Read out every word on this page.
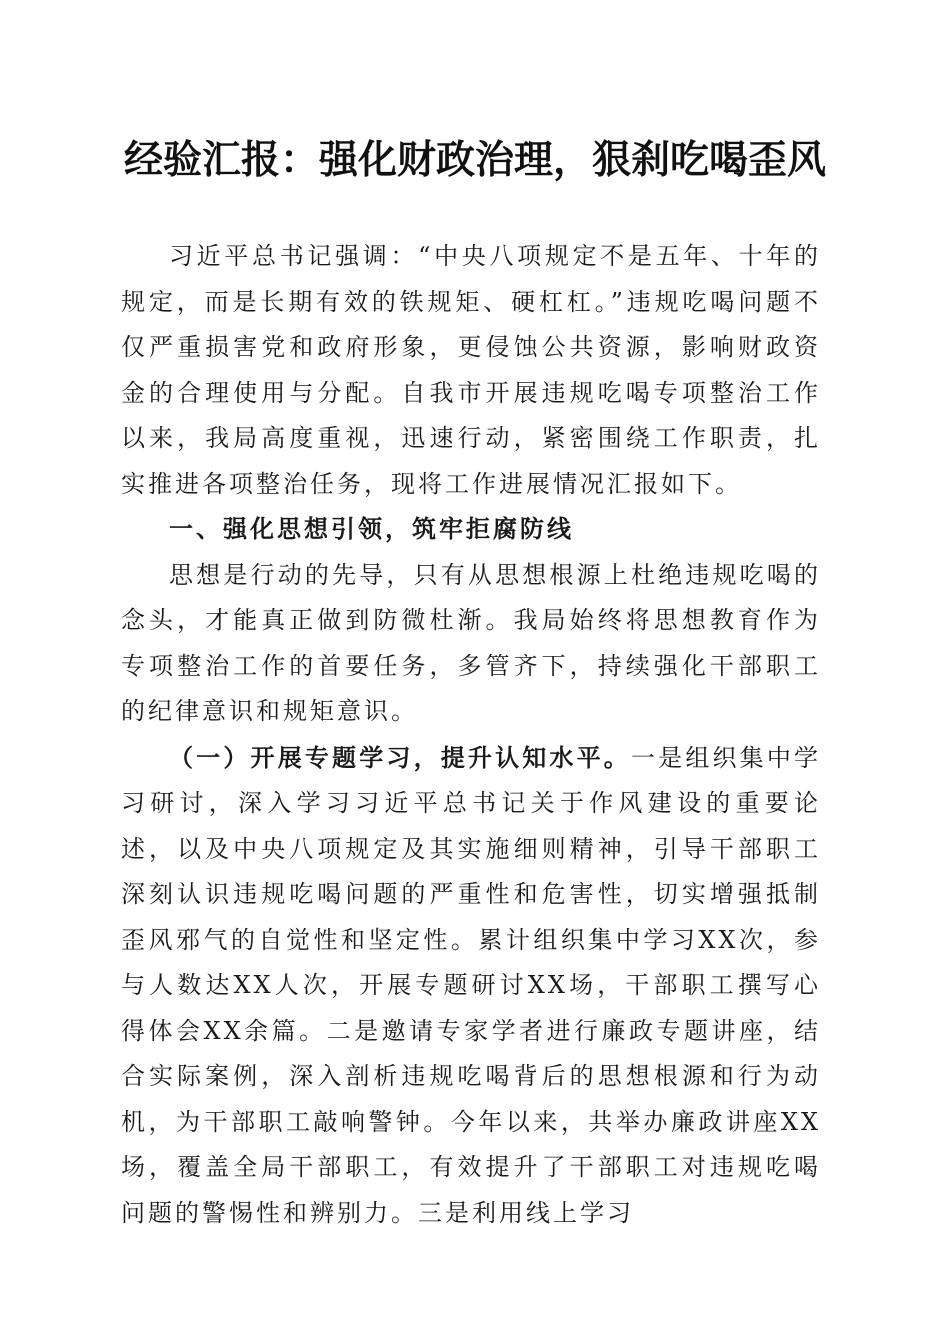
经验汇报：强化财政治理，狠刹吃喝歪风

习近平总书记强调：“中央八项规定不是五年、十年的规定，而是长期有效的铁规矩、硬杠杠。”违规吃喝问题不仅严重损害党和政府形象，更侵蚀公共资源，影响财政资金的合理使用与分配。自我市开展违规吃喝专项整治工作以来，我局高度重视，迅速行动，紧密围绕工作职责，扎实推进各项整治任务，现将工作进展情况汇报如下。

一、强化思想引领，筑牢拒腐防线

思想是行动的先导，只有从思想根源上杜绝违规吃喝的念头，才能真正做到防微杜渐。我局始终将思想教育作为专项整治工作的首要任务，多管齐下，持续强化干部职工的纪律意识和规矩意识。

（一）开展专题学习，提升认知水平。一是组织集中学习研讨，深入学习习近平总书记关于作风建设的重要论述，以及中央八项规定及其实施细则精神，引导干部职工深刻认识违规吃喝问题的严重性和危害性，切实增强抵制歪风邪气的自觉性和坚定性。累计组织集中学习XX次，参与人数达XX人次，开展专题研讨XX场，干部职工撰写心得体会XX余篇。二是邀请专家学者进行廉政专题讲座，结合实际案例，深入剖析违规吃喝背后的思想根源和行为动机，为干部职工敲响警钟。今年以来，共举办廉政讲座XX场，覆盖全局干部职工，有效提升了干部职工对违规吃喝问题的警惕性和辨别力。三是利用线上学习
